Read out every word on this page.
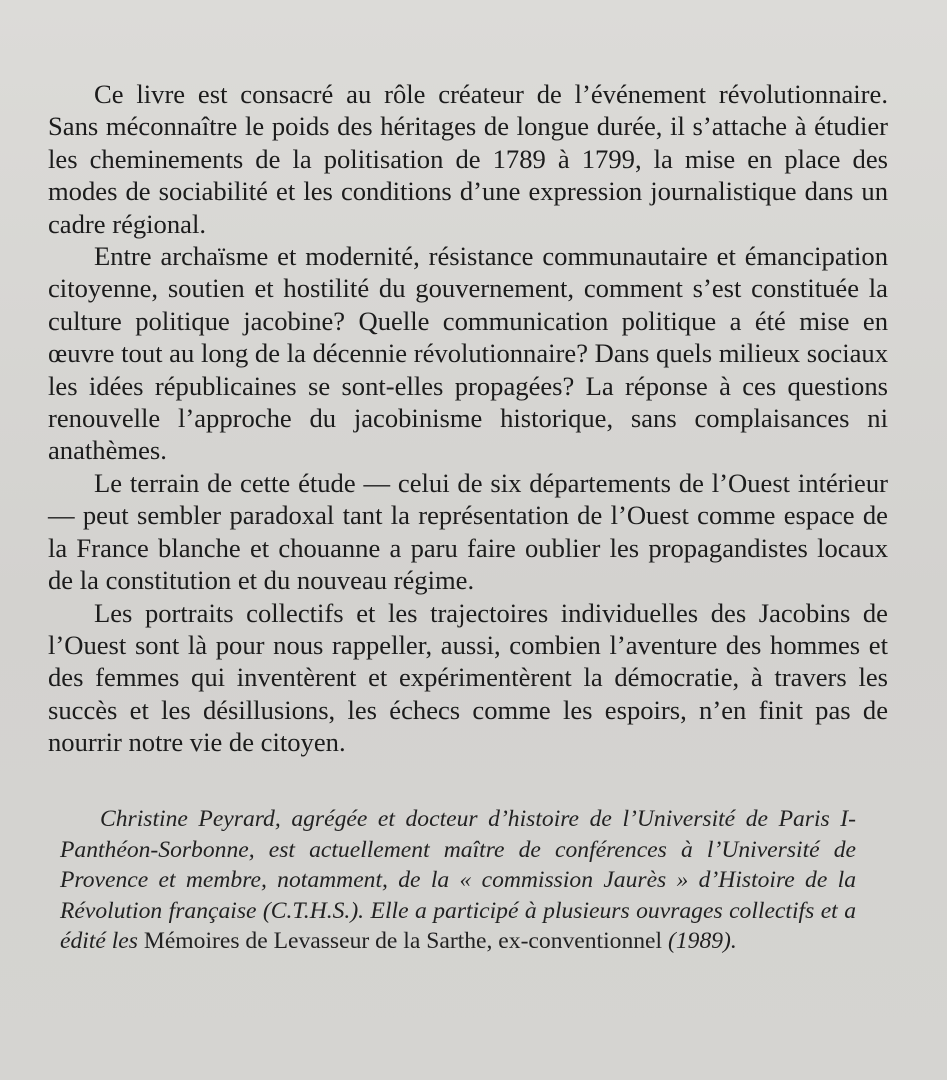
Ce livre est consacré au rôle créateur de l’événement révolutionnaire. Sans méconnaître le poids des héritages de longue durée, il s’attache à étudier les cheminements de la politisation de 1789 à 1799, la mise en place des modes de sociabilité et les conditions d’une expression journalistique dans un cadre régional.

Entre archaïsme et modernité, résistance communautaire et émancipation citoyenne, soutien et hostilité du gouvernement, comment s’est constituée la culture politique jacobine? Quelle communication politique a été mise en œuvre tout au long de la décennie révolutionnaire? Dans quels milieux sociaux les idées républicaines se sont-elles propagées? La réponse à ces questions renouvelle l’approche du jacobinisme historique, sans complaisances ni anathèmes.

Le terrain de cette étude — celui de six départements de l’Ouest intérieur — peut sembler paradoxal tant la représentation de l’Ouest comme espace de la France blanche et chouanne a paru faire oublier les propagandistes locaux de la constitution et du nouveau régime.

Les portraits collectifs et les trajectoires individuelles des Jacobins de l’Ouest sont là pour nous rappeller, aussi, combien l’aventure des hommes et des femmes qui inventèrent et expérimentèrent la démocratie, à travers les succès et les désillusions, les échecs comme les espoirs, n’en finit pas de nourrir notre vie de citoyen.

Christine Peyrard, agrégée et docteur d’histoire de l’Université de Paris I-Panthéon-Sorbonne, est actuellement maître de conférences à l’Université de Provence et membre, notamment, de la « commission Jaurès » d’Histoire de la Révolution française (C.T.H.S.). Elle a participé à plusieurs ouvrages collectifs et a édité les Mémoires de Levasseur de la Sarthe, ex-conventionnel (1989).
